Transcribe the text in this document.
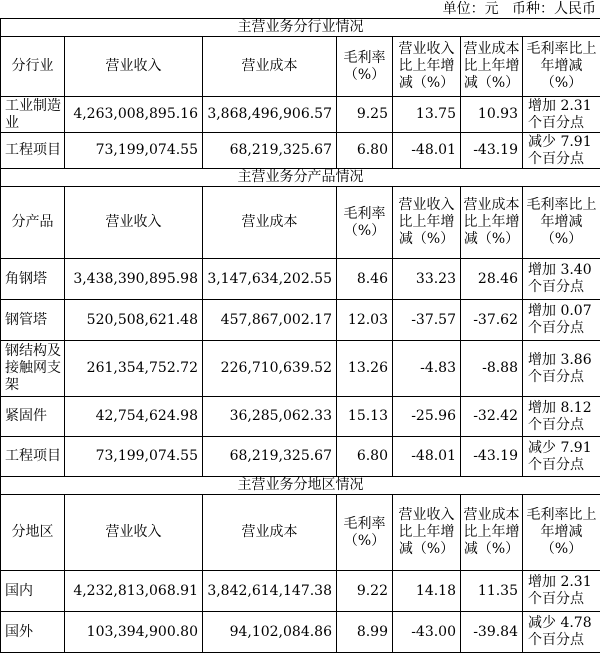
单位：元   币种：人民币
主营业务分行业情况						
分行业	营业收入	营业成本	毛利率（%）	营业收入比上年增减（%）	营业成本比上年增减（%）	毛利率比上年增减（%）
工业制造业	4,263,008,895.16	3,868,496,906.57	9.25	13.75	10.93	增加 2.31 个百分点
工程项目	73,199,074.55	68,219,325.67	6.80	-48.01	-43.19	减少 7.91 个百分点
主营业务分产品情况						
分产品	营业收入	营业成本	毛利率（%）	营业收入比上年增减（%）	营业成本比上年增减（%）	毛利率比上年增减（%）
角钢塔	3,438,390,895.98	3,147,634,202.55	8.46	33.23	28.46	增加 3.40 个百分点
钢管塔	520,508,621.48	457,867,002.17	12.03	-37.57	-37.62	增加 0.07 个百分点
钢结构及接触网支架	261,354,752.72	226,710,639.52	13.26	-4.83	-8.88	增加 3.86 个百分点
紧固件	42,754,624.98	36,285,062.33	15.13	-25.96	-32.42	增加 8.12 个百分点
工程项目	73,199,074.55	68,219,325.67	6.80	-48.01	-43.19	减少 7.91 个百分点
主营业务分地区情况						
分地区	营业收入	营业成本	毛利率（%）	营业收入比上年增减（%）	营业成本比上年增减（%）	毛利率比上年增减（%）
国内	4,232,813,068.91	3,842,614,147.38	9.22	14.18	11.35	增加 2.31 个百分点
国外	103,394,900.80	94,102,084.86	8.99	-43.00	-39.84	减少 4.78 个百分点
